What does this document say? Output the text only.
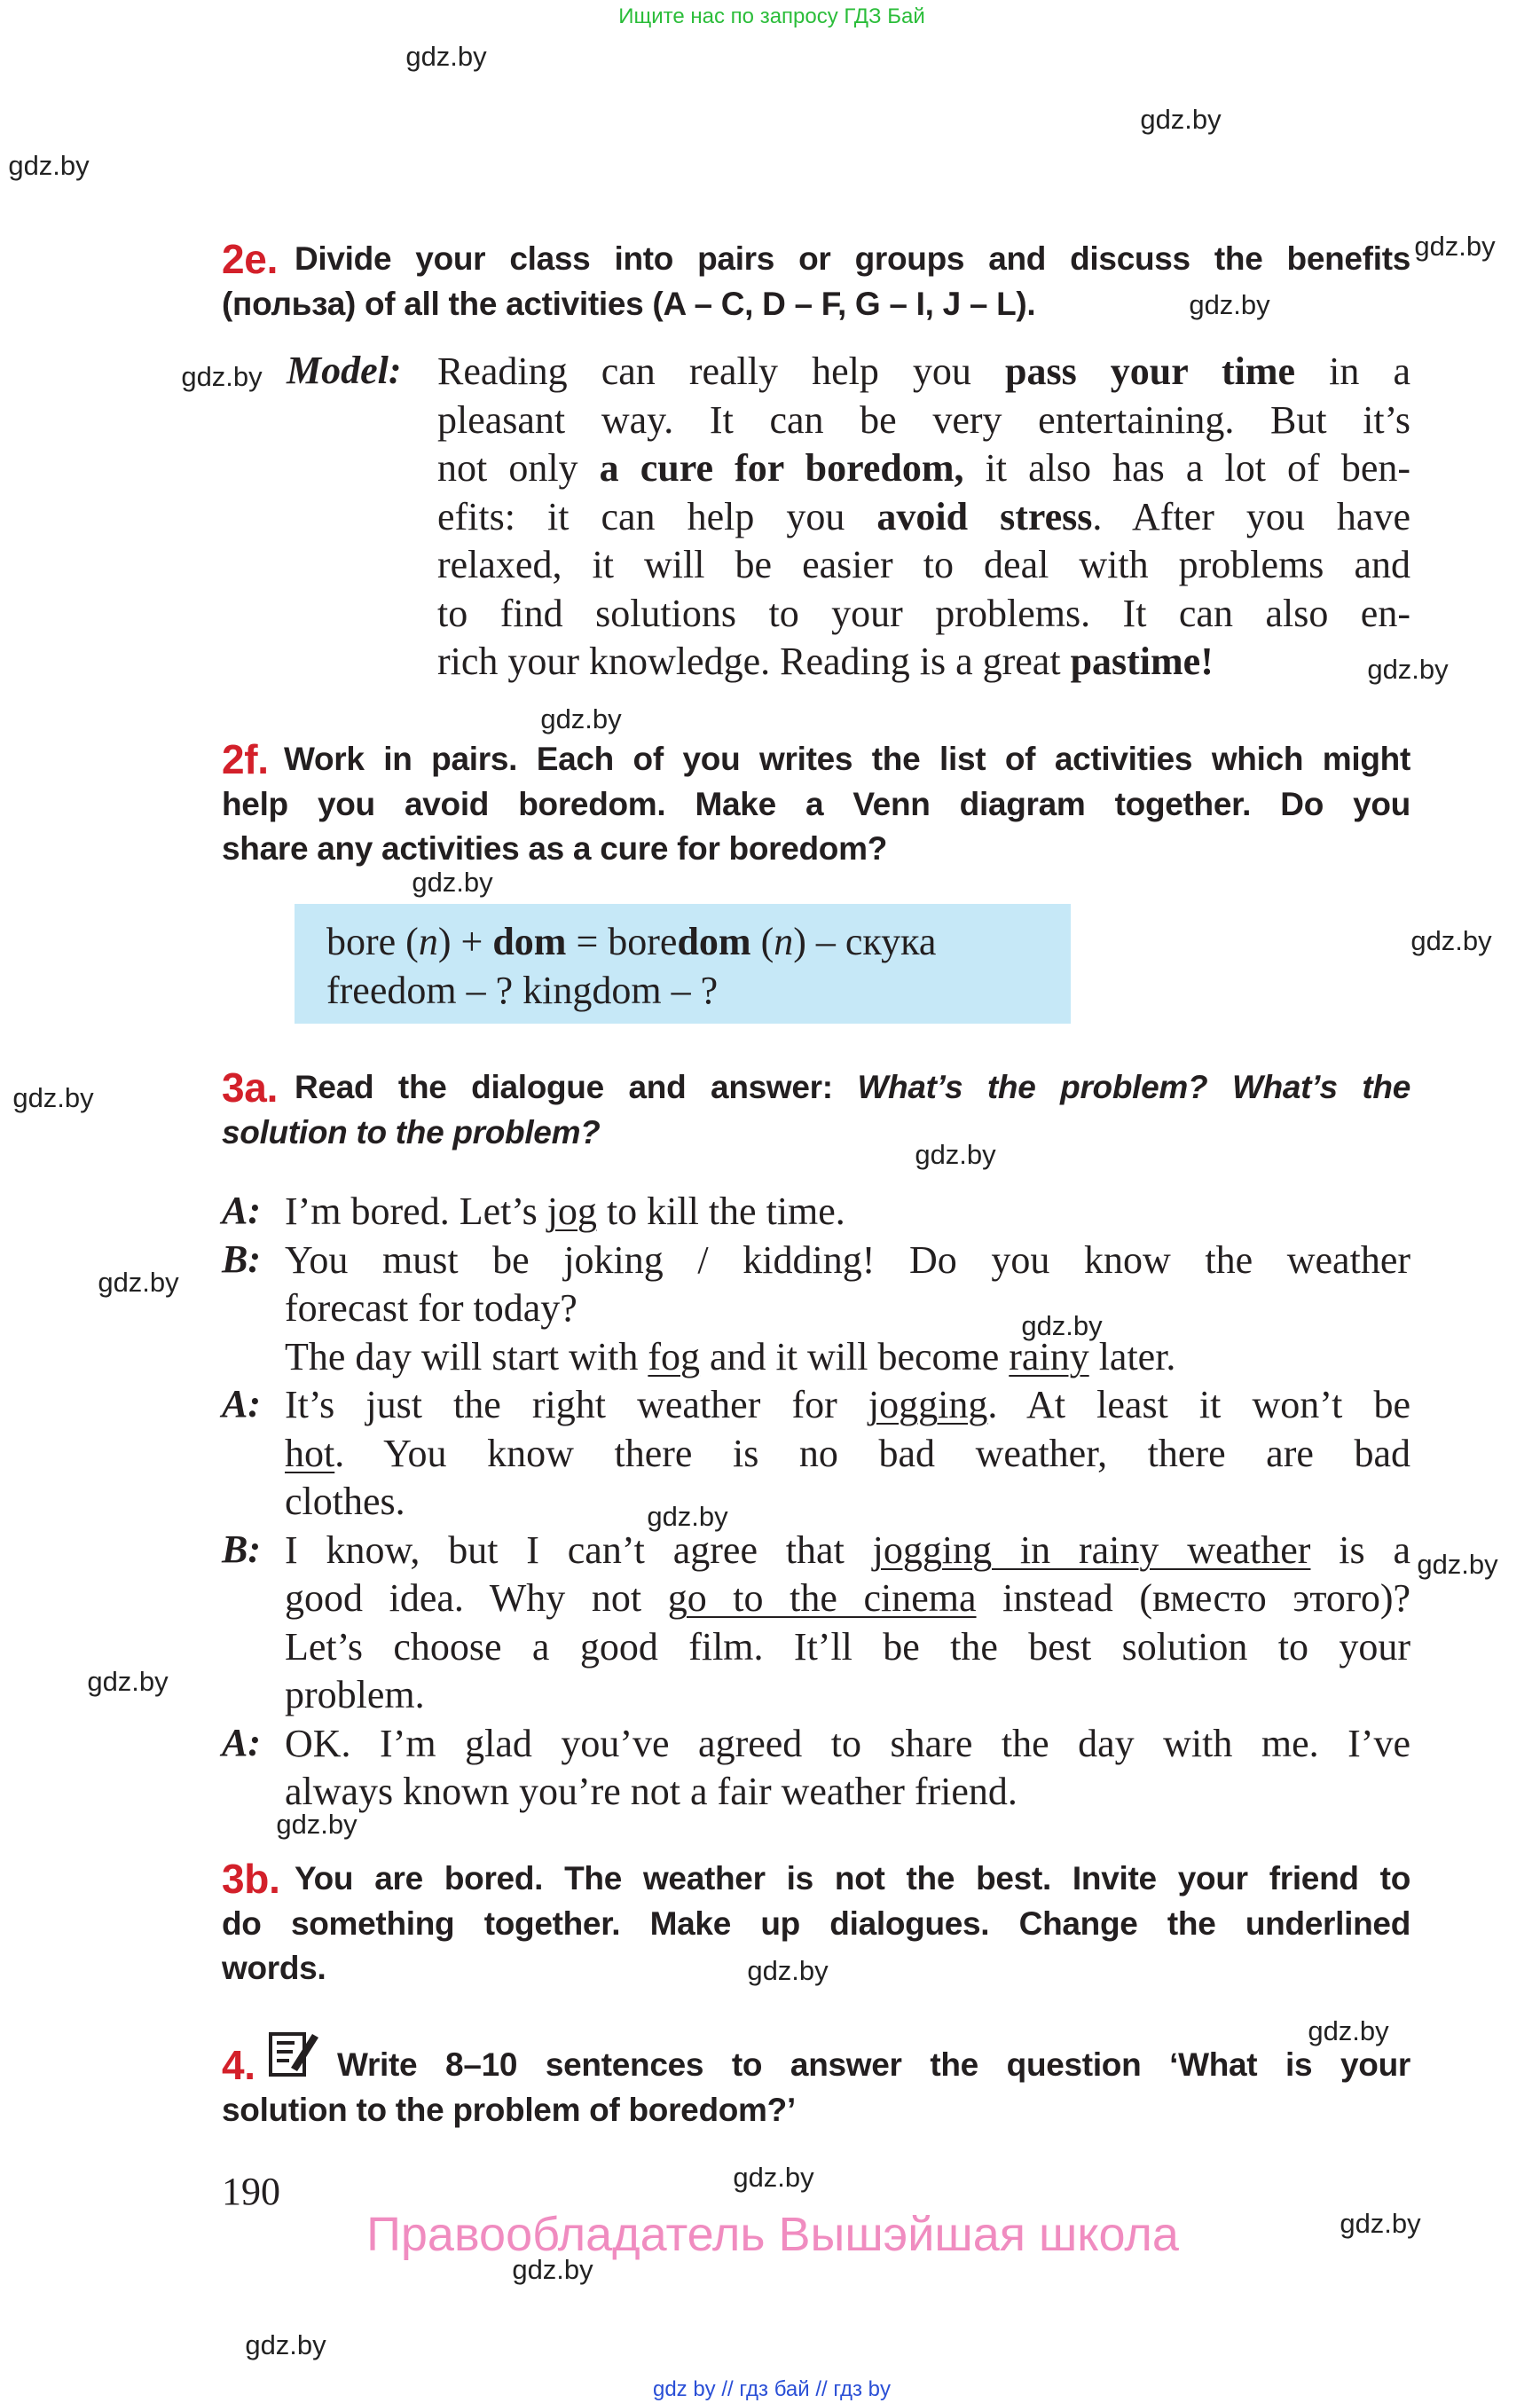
Ищите нас по запросу ГДЗ Бай
2e. Divide your class into pairs or groups and discuss the benefits
(польза) of all the activities (A – C, D – F, G – I, J – L).
Model: Reading can really help you pass your time in a
pleasant way. It can be very entertaining. But it’s
not only a cure for boredom, it also has a lot of ben-
efits: it can help you avoid stress. After you have
relaxed, it will be easier to deal with problems and
to find solutions to your problems. It can also en-
rich your knowledge. Reading is a great pastime!
2f. Work in pairs. Each of you writes the list of activities which might
help you avoid boredom. Make a Venn diagram together. Do you
share any activities as a cure for boredom?
bore (n) + dom = boredom (n) – скука
freedom – ? kingdom – ?
3a. Read the dialogue and answer: What’s the problem? What’s the
solution to the problem?
A:
B:
A:
B:
A:
I’m bored. Let’s jog to kill the time.
You must be joking / kidding! Do you know the weather
forecast for today?
The day will start with fog and it will become rainy later.
It’s just the right weather for jogging. At least it won’t be
hot. You know there is no bad weather, there are bad
clothes.
I know, but I can’t agree that jogging in rainy weather is a
good idea. Why not go to the cinema instead (вместо этого)?
Let’s choose a good film. It’ll be the best solution to your
problem.
OK. I’m glad you’ve agreed to share the day with me. I’ve
always known you’re not a fair weather friend.
3b. You are bored. The weather is not the best. Invite your friend to
do something together. Make up dialogues. Change the underlined
words.
4.	Write 8–10 sentences to answer the question ‘What is your
solution to the problem of boredom?’
190
Правообладатель Вышэйшая школа
gdz.by
gdz.by
gdz.by
gdz.by
gdz.by
gdz.by
gdz.by
gdz.by
gdz.by
gdz.by
gdz.by
gdz.by
gdz.by
gdz.by
gdz.by
gdz.by
gdz.by
gdz.by
gdz.by
gdz.by
gdz.by
gdz.by
gdz.by
gdz.by
gdz by // гдз бай // гдз by
